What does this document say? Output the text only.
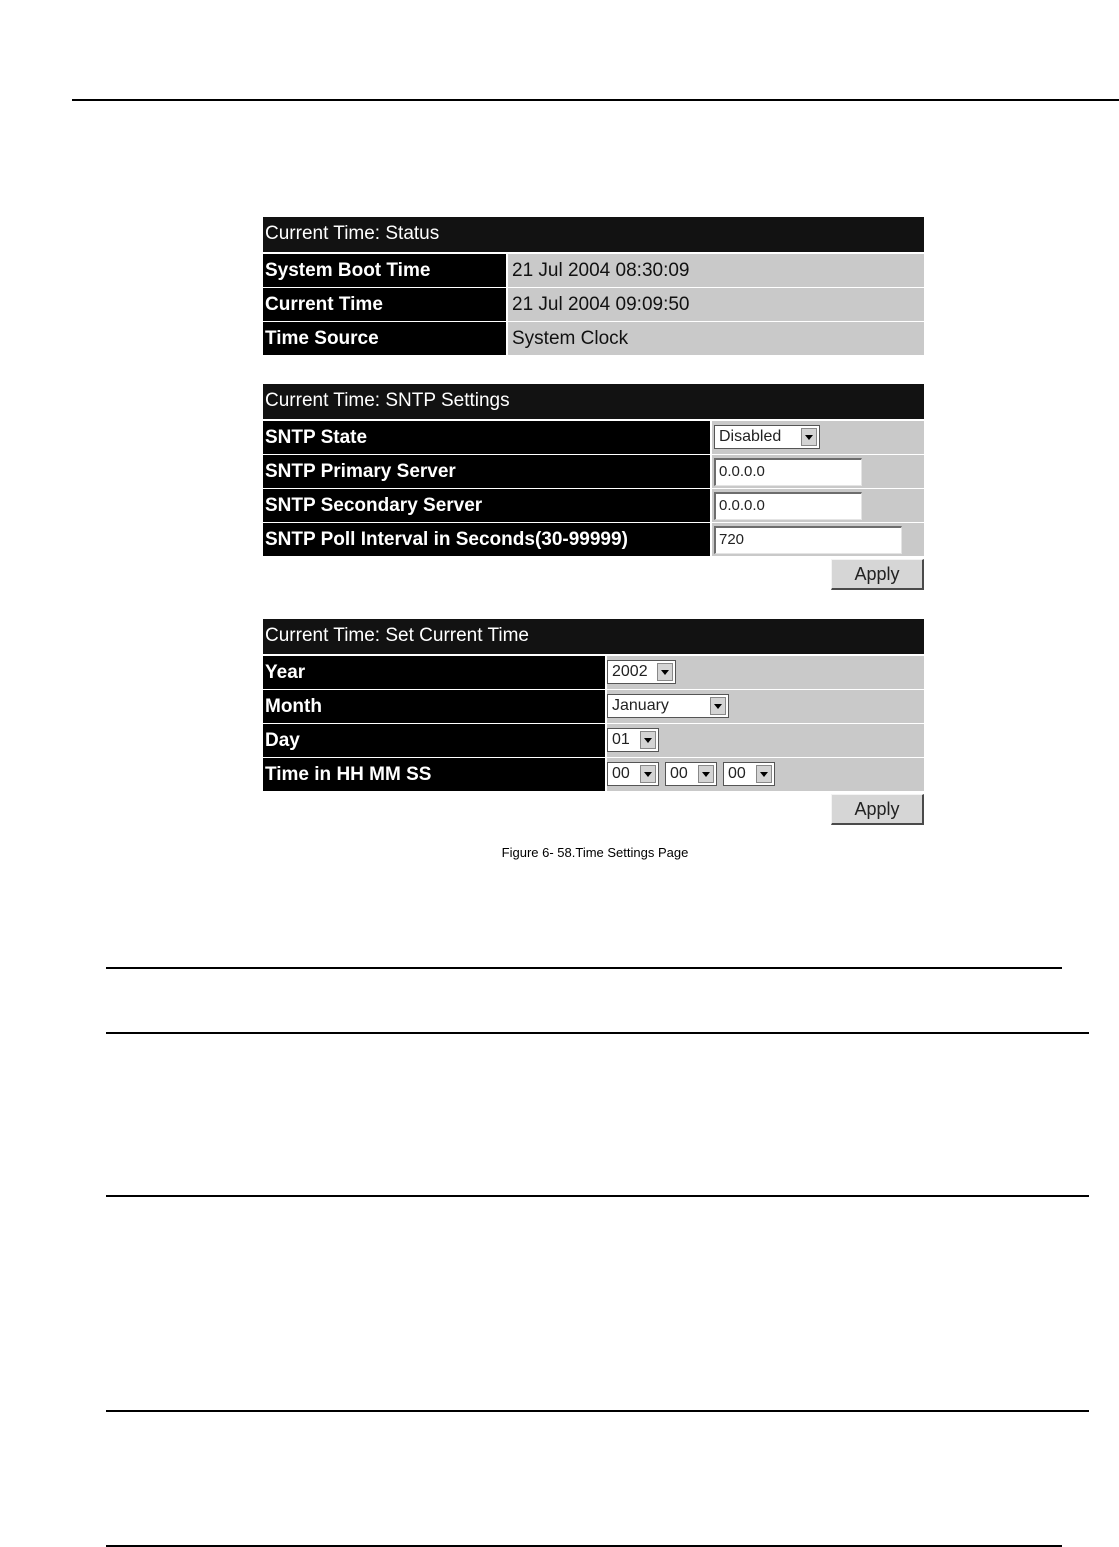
Current Time: Status
System Boot Time	21 Jul 2004 08:30:09
Current Time	21 Jul 2004 09:09:50
Time Source	System Clock
Current Time: SNTP Settings
SNTP State	Disabled
SNTP Primary Server	0.0.0.0
SNTP Secondary Server	0.0.0.0
SNTP Poll Interval in Seconds(30-99999)	720
Apply
Current Time: Set Current Time
Year	2002
Month	January
Day	01
Time in HH MM SS	00	00	00
Apply
Figure 6- 58.Time Settings Page
